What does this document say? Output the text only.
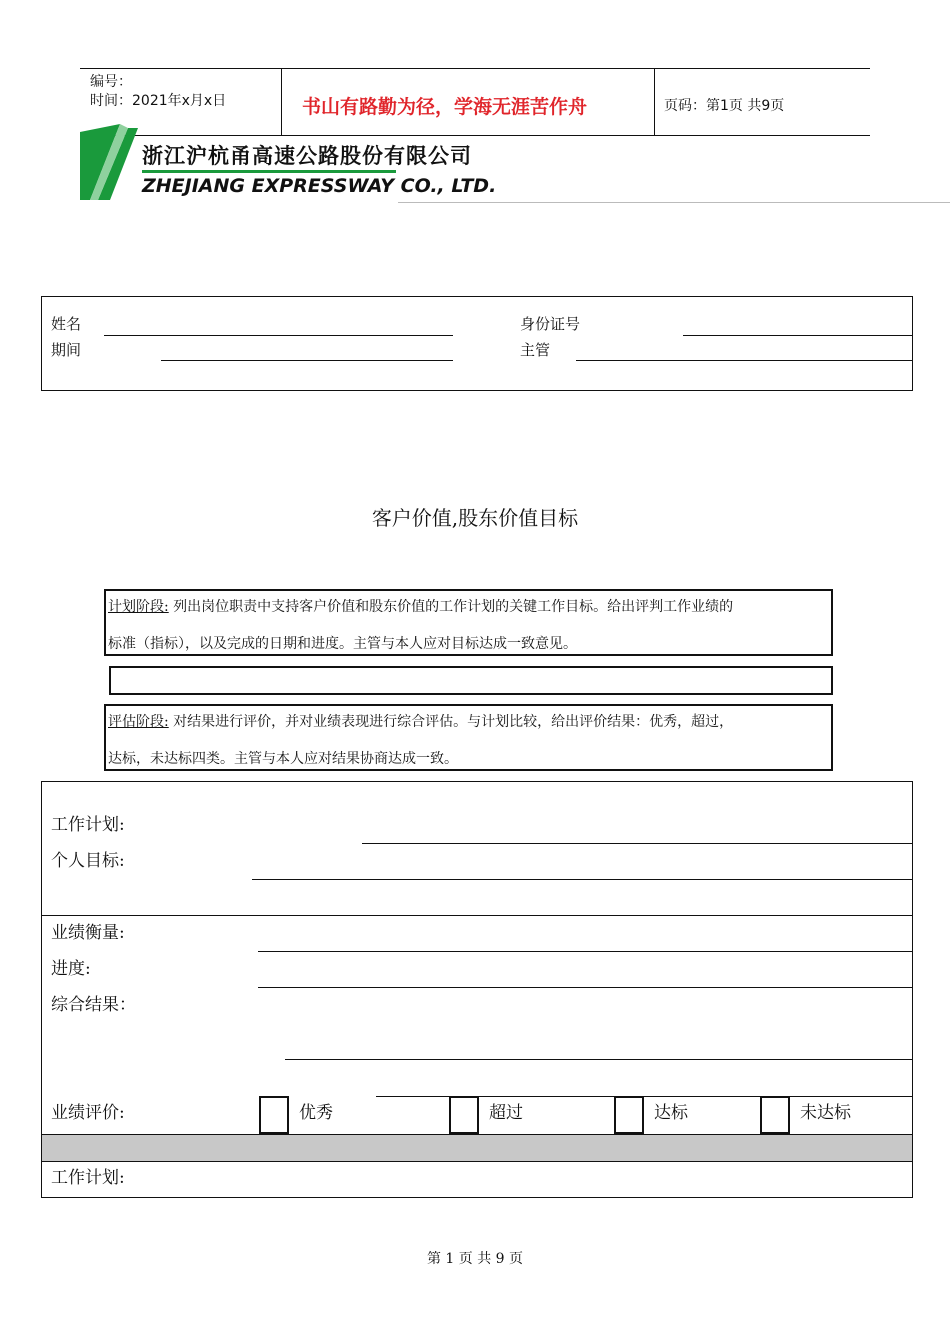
编号：
时间：2021年x月x日	书山有路勤为径，学海无涯苦作舟	页码：第1页 共9页
浙江沪杭甬高速公路股份有限公司
ZHEJIANG EXPRESSWAY CO., LTD.
姓名
期间
身份证号
主管
客户价值,股东价值目标
计划阶段: 列出岗位职责中支持客户价值和股东价值的工作计划的关键工作目标。给出评判工作业绩的
标准（指标），以及完成的日期和进度。主管与本人应对目标达成一致意见。
评估阶段: 对结果进行评价，并对业绩表现进行综合评估。与计划比较，给出评价结果：优秀，超过，
达标，未达标四类。主管与本人应对结果协商达成一致。
工作计划:
个人目标:
业绩衡量:
进度:
综合结果：
业绩评价:	优秀	超过	达标	未达标
工作计划:
第 1 页 共 9 页
